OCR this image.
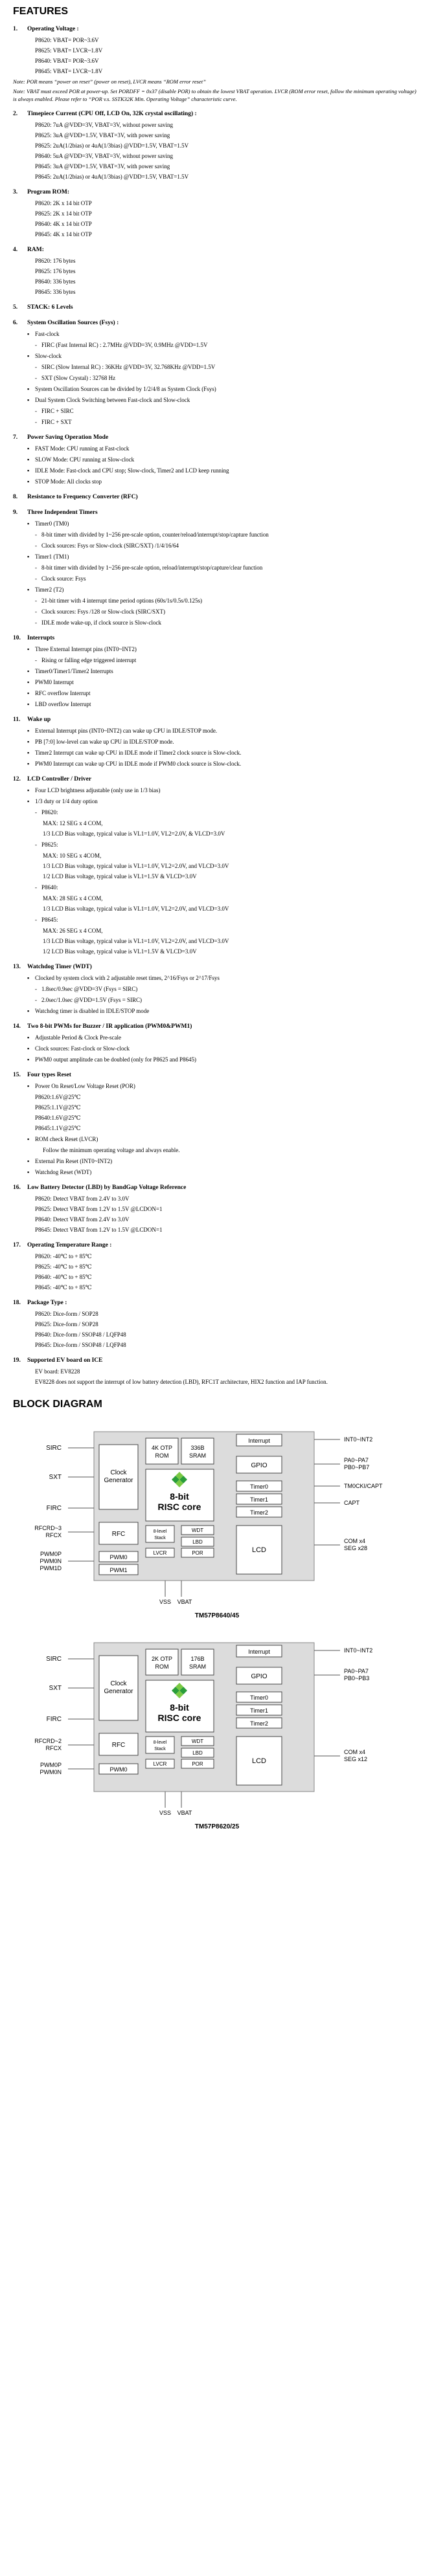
FEATURES
1. Operating Voltage :
P8620: VBAT= POR~3.6V
P8625: VBAT= LVCR~1.8V
P8640: VBAT= POR~3.6V
P8645: VBAT= LVCR~1.8V
Note: POR means “power on reset” (power on reset), LVCR means “ROM error reset”
Note: VBAT must exceed POR at power-up. Set PORDFF = 0x37 (disable POR) to obtain the lowest VBAT operation. LVCR (ROM error reset, follow the minimum operating voltage) is always enabled. Please refer to “POR v.s. SSTK32K Min. Operating Voltage” characteristic curve.
2. Timepiece Current (CPU Off, LCD On, 32K crystal oscillating) :
P8620: 7uA @VDD=3V, VBAT=3V, without power saving
P8625: 3uA @VDD=1.5V, VBAT=3V, with power saving
P8625: 2uA(1/2bias) or 4uA(1/3bias) @VDD=1.5V, VBAT=1.5V
P8640: 5uA @VDD=3V, VBAT=3V, without power saving
P8645: 3uA @VDD=1.5V, VBAT=3V, with power saving
P8645: 2uA(1/2bias) or 4uA(1/3bias) @VDD=1.5V, VBAT=1.5V
3. Program ROM:
P8620: 2K x 14 bit OTP
P8625: 2K x 14 bit OTP
P8640: 4K x 14 bit OTP
P8645: 4K x 14 bit OTP
4. RAM:
P8620: 176 bytes
P8625: 176 bytes
P8640: 336 bytes
P8645: 336 bytes
5. STACK: 6 Levels
6. System Oscillation Sources (Fsys) :
▪ Fast-clock
- FIRC (Fast Internal RC) : 2.7MHz @VDD=3V, 0.9MHz @VDD=1.5V
▪ Slow-clock
- SIRC (Slow Internal RC) : 36KHz @VDD=3V, 32.768KHz @VDD=1.5V
- SXT (Slow Crystal) : 32768 Hz
▪ System Oscillation Sources can be divided by 1/2/4/8 as System Clock (Fsys)
▪ Dual System Clock Switching between Fast-clock and Slow-clock
- FIRC + SIRC
- FIRC + SXT
7. Power Saving Operation Mode
▪ FAST Mode: CPU running at Fast-clock
▪ SLOW Mode: CPU running at Slow-clock
▪ IDLE Mode: Fast-clock and CPU stop; Slow-clock, Timer2 and LCD keep running
▪ STOP Mode: All clocks stop
8. Resistance to Frequency Converter (RFC)
9. Three Independent Timers
▪ Timer0 (TM0)
- 8-bit timer with divided by 1~256 pre-scale option, counter/reload/interrupt/stop/capture function
- Clock sources: Fsys or Slow-clock (SIRC/SXT) /1/4/16/64
▪ Timer1 (TM1)
- 8-bit timer with divided by 1~256 pre-scale option, reload/interrupt/stop/capture/clear function
- Clock source: Fsys
▪ Timer2 (T2)
- 21-bit timer with 4 interrupt time period options (60s/1s/0.5s/0.125s)
- Clock sources: Fsys /128 or Slow-clock (SIRC/SXT)
- IDLE mode wake-up, if clock source is Slow-clock
10. Interrupts
▪ Three External Interrupt pins (INT0~INT2)
- Rising or falling edge triggered interrupt
▪ Timer0/Timer1/Timer2 Interrupts
▪ PWM0 Interrupt
▪ RFC overflow Interrupt
▪ LBD overflow Interrupt
11. Wake up
▪ External Interrupt pins (INT0~INT2) can wake up CPU in IDLE/STOP mode.
▪ PB [7:0] low-level can wake up CPU in IDLE/STOP mode.
▪ Timer2 Interrupt can wake up CPU in IDLE mode if Timer2 clock source is Slow-clock.
▪ PWM0 Interrupt can wake up CPU in IDLE mode if PWM0 clock source is Slow-clock.
12. LCD Controller / Driver
▪ Four LCD brightness adjustable (only use in 1/3 bias)
▪ 1/3 duty or 1/4 duty option
- P8620:
MAX: 12 SEG x 4 COM,
1/3 LCD Bias voltage, typical value is VL1=1.0V, VL2=2.0V, & VLCD=3.0V
- P8625:
MAX: 10 SEG x 4COM,
1/3 LCD Bias voltage, typical value is VL1=1.0V, VL2=2.0V, and VLCD=3.0V
1/2 LCD Bias voltage, typical value is VL1=1.5V & VLCD=3.0V
- P8640:
MAX: 28 SEG x 4 COM,
1/3 LCD Bias voltage, typical value is VL1=1.0V, VL2=2.0V, and VLCD=3.0V
- P8645:
MAX: 26 SEG x 4 COM,
1/3 LCD Bias voltage, typical value is VL1=1.0V, VL2=2.0V, and VLCD=3.0V
1/2 LCD Bias voltage, typical value is VL1=1.5V & VLCD=3.0V
13. Watchdog Timer (WDT)
▪ Clocked by system clock with 2 adjustable reset times, 2^16/Fsys or 2^17/Fsys
- 1.8sec/0.9sec @VDD=3V (Fsys = SIRC)
- 2.0sec/1.0sec @VDD=1.5V (Fsys = SIRC)
▪ Watchdog timer is disabled in IDLE/STOP mode
14. Two 8-bit PWMs for Buzzer / IR application (PWM0&PWM1)
▪ Adjustable Period & Clock Pre-scale
▪ Clock sources: Fast-clock or Slow-clock
▪ PWM0 output amplitude can be doubled (only for P8625 and P8645)
15. Four types Reset
▪ Power On Reset/Low Voltage Reset (POR)
P8620:1.6V@25℃
P8625:1.1V@25℃
P8640:1.6V@25℃
P8645:1.1V@25℃
▪ ROM check Reset (LVCR)
Follow the minimum operating voltage and always enable.
▪ External Pin Reset (INT0~INT2)
▪ Watchdog Reset (WDT)
16. Low Battery Detector (LBD) by BandGap Voltage Reference
P8620: Detect VBAT from 2.4V to 3.0V
P8625: Detect VBAT from 1.2V to 1.5V @LCDON=1
P8640: Detect VBAT from 2.4V to 3.0V
P8645: Detect VBAT from 1.2V to 1.5V @LCDON=1
17. Operating Temperature Range :
P8620: -40℃ to + 85℃
P8625: -40℃ to + 85℃
P8640: -40℃ to + 85℃
P8645: -40℃ to + 85℃
18. Package Type :
P8620: Dice-form / SOP28
P8625: Dice-form / SOP28
P8640: Dice-form / SSOP48 / LQFP48
P8645: Dice-form / SSOP48 / LQFP48
19. Supported EV board on ICE
EV board: EV8228
EV8228 does not support the interrupt of low battery detection (LBD), RFC1T architecture, HIX2 function and IAP function.
BLOCK DIAGRAM
SIRC
SXT
FIRC
RFCRD~3
RFCX
PWM0P
PWM0N
PWM1D
Clock
Generator
RFC
PWM0
PWM1
4K OTP
ROM
336B
SRAM
8-bit
RISC core
8-level
Stack
WDT
LBD
LVCR	POR
Interrupt
GPIO
Timer0
Timer1
Timer2
LCD
INT0~INT2
PA0~PA7
PB0~PB7
TM0CKI/CAPT
CAPT
COM x4
SEG x28
VSS VBAT
TM57P8640/45
SIRC
SXT
FIRC
RFCRD~2
RFCX
PWM0P
PWM0N
Clock
Generator
RFC
PWM0
2K OTP
ROM
176B
SRAM
8-bit
RISC core
8-level
Stack
WDT
LBD
LVCR	POR
Interrupt
GPIO
Timer0
Timer1
Timer2
LCD
INT0~INT2
PA0~PA7
PB0~PB3
COM x4
SEG x12
VSS VBAT
TM57P8620/25
